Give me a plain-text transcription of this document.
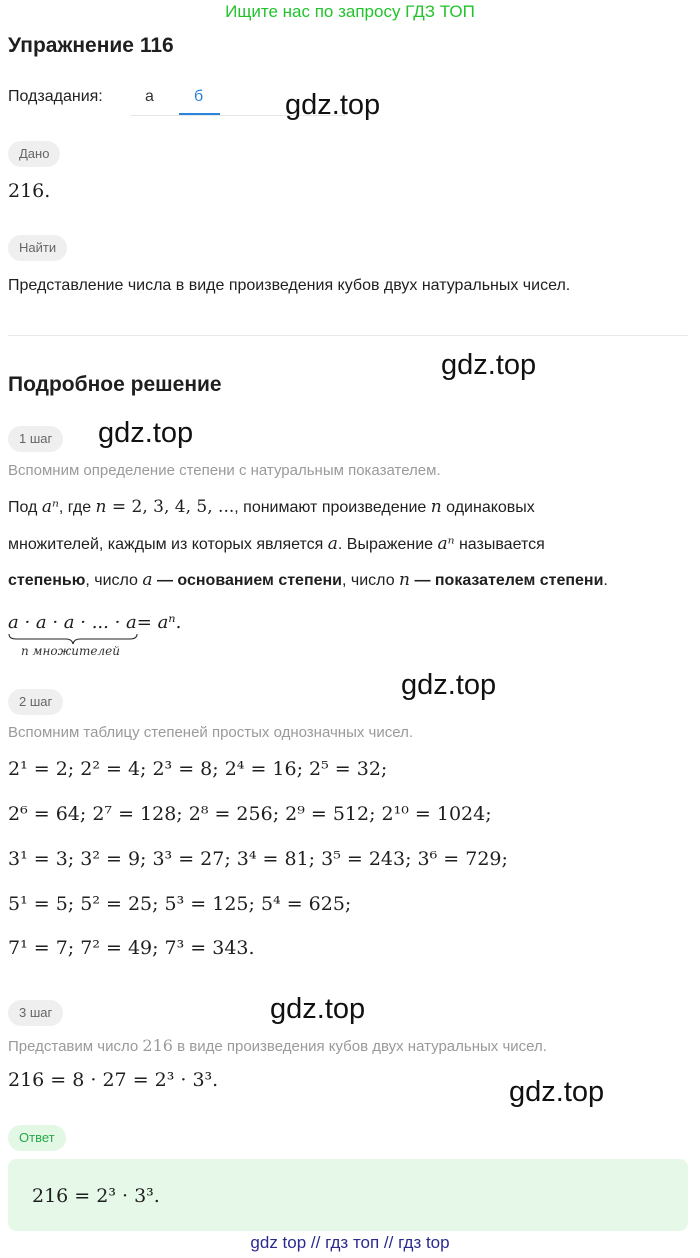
Ищите нас по запросу ГДЗ ТОП
Упражнение 116
Подзадания:	а	б	gdz.top
gdz.top
gdz.top
gdz.top
gdz.top
gdz.top
Дано
216.
Найти
Представление числа в виде произведения кубов двух натуральных чисел.
Подробное решение
1 шаг
Вспомним определение степени с натуральным показателем.
Под aⁿ, где n = 2, 3, 4, 5, ..., понимают произведение n одинаковых
множителей, каждым из которых является a. Выражение aⁿ называется
степенью, число a — основанием степени, число n — показателем степени.
a · a · a · ... · a= aⁿ.
n множителей
2 шаг
Вспомним таблицу степеней простых однозначных чисел.
2¹ = 2; 2² = 4; 2³ = 8; 2⁴ = 16; 2⁵ = 32;
2⁶ = 64; 2⁷ = 128; 2⁸ = 256; 2⁹ = 512; 2¹⁰ = 1024;
3¹ = 3; 3² = 9; 3³ = 27; 3⁴ = 81; 3⁵ = 243; 3⁶ = 729;
5¹ = 5; 5² = 25; 5³ = 125; 5⁴ = 625;
7¹ = 7; 7² = 49; 7³ = 343.
3 шаг
Представим число 216 в виде произведения кубов двух натуральных чисел.
216 = 8 · 27 = 2³ · 3³.
Ответ
216 = 2³ · 3³.
gdz top // гдз топ // гдз top
